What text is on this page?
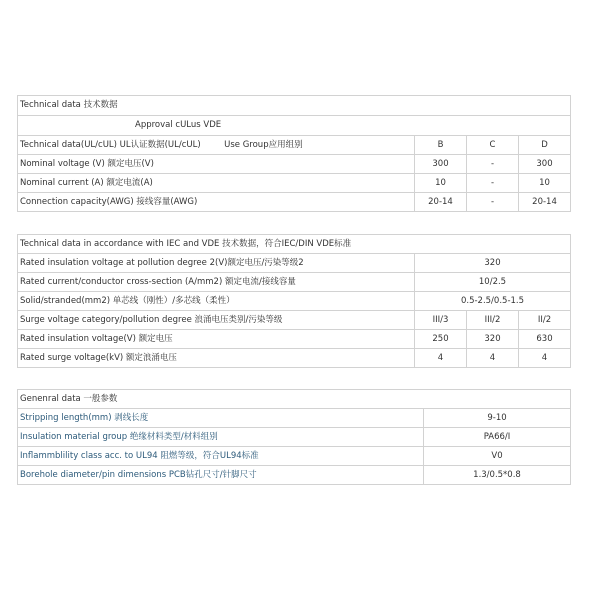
Technical data 技术数据			
Approval cULus VDE			
Technical data(UL/cUL) UL认证数据(UL/cUL) Use Group应用组别	B	C	D
Nominal voltage (V) 额定电压(V)	300	-	300
Nominal current (A) 额定电流(A)	10	-	10
Connection capacity(AWG) 接线容量(AWG)	20-14	-	20-14
Technical data in accordance with IEC and VDE 技术数据，符合IEC/DIN VDE标准			
Rated insulation voltage at pollution degree 2(V)额定电压/污染等级2	320		
Rated current/conductor cross-section (A/mm2) 额定电流/接线容量	10/2.5		
Solid/stranded(mm2) 单芯线（刚性）/多芯线（柔性）	0.5-2.5/0.5-1.5		
Surge voltage category/pollution degree 浪涌电压类别/污染等级	III/3	III/2	II/2
Rated insulation voltage(V) 额定电压	250	320	630
Rated surge voltage(kV) 额定浪涌电压	4	4	4
Genenral data 一般参数	
Stripping length(mm) 剥线长度	9-10
Insulation material group 绝缘材料类型/材料组别	PA66/I
Inflammblility class acc. to UL94 阻燃等级，符合UL94标准	V0
Borehole diameter/pin dimensions PCB钻孔尺寸/针脚尺寸	1.3/0.5*0.8
